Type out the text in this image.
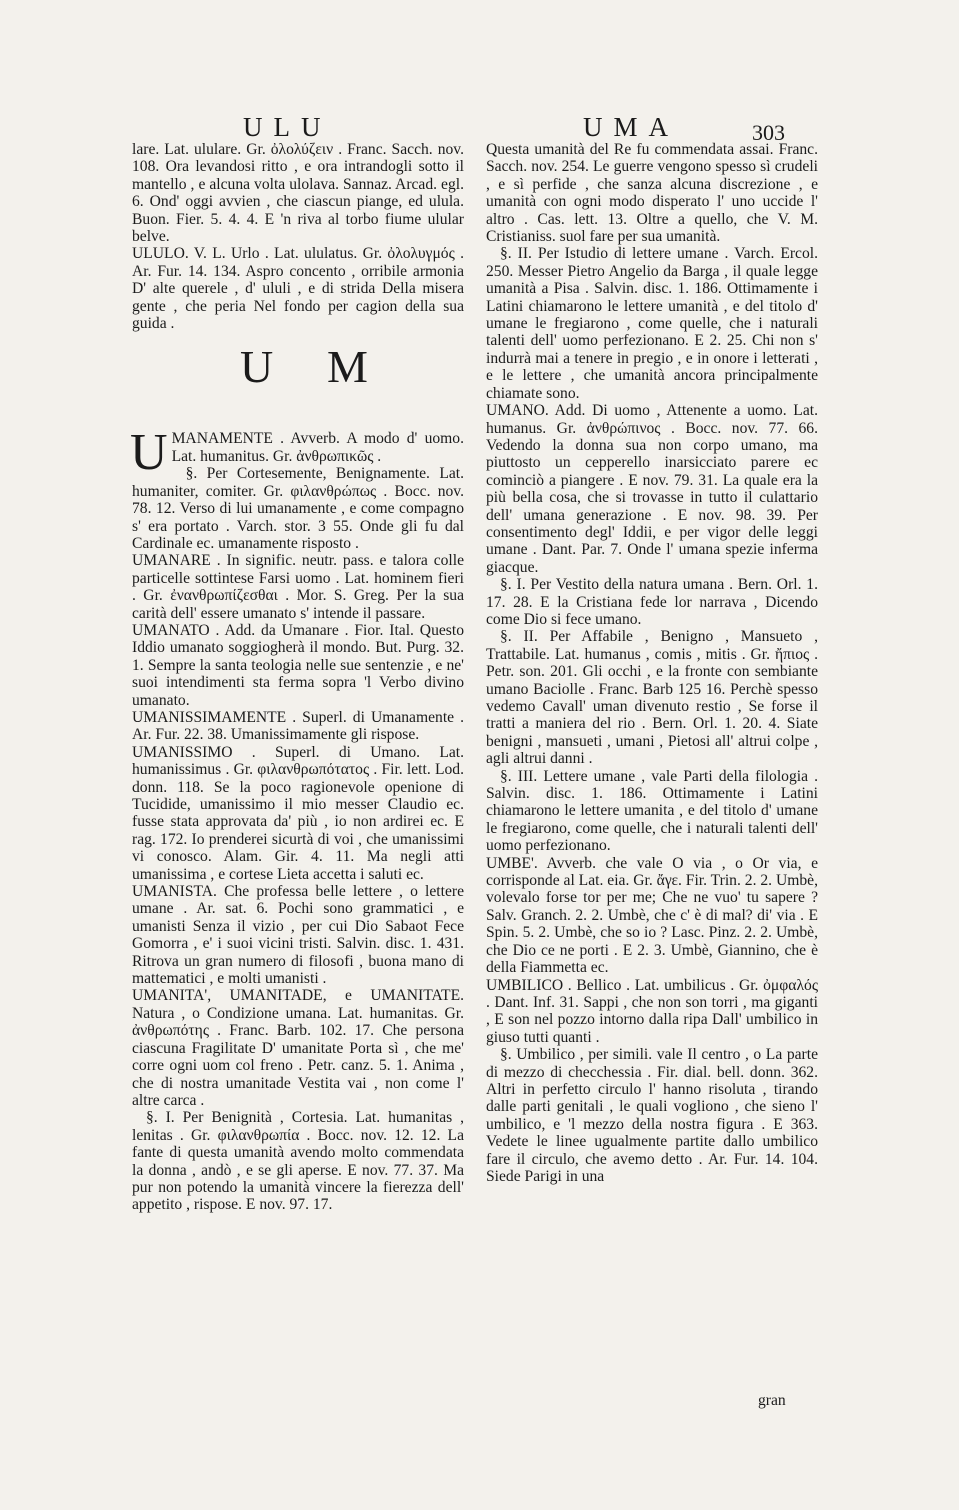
ULU	UMA	303

lare. Lat. ululare. Gr. ὀλολύζειν . Franc. Sacch. nov. 108. Ora levandosi ritto , e ora intrandogli sotto il mantello , e alcuna volta ulolava. Sannaz. Arcad. egl. 6. Ond' oggi avvien , che ciascun piange, ed ulula. Buon. Fier. 5. 4. 4. E 'n riva al torbo fiume ulular belve.

ULULO. V. L. Urlo . Lat. ululatus. Gr. ὀλολυγμός . Ar. Fur. 14. 134. Aspro concento , orribile armonia D' alte querele , d' ululi , e di strida Della misera gente , che peria Nel fondo per cagion della sua guida .

U M

UMANAMENTE . Avverb. A modo d' uomo. Lat. humanitus. Gr. ἀνθρωπικῶς .

§. Per Cortesemente, Benignamente. Lat. humaniter, comiter. Gr. φιλανθρώπως . Bocc. nov. 78. 12. Verso di lui umanamente , e come compagno s' era portato . Varch. stor. 3 55. Onde gli fu dal Cardinale ec. umanamente risposto .

UMANARE . In signific. neutr. pass. e talora colle particelle sottintese Farsi uomo . Lat. hominem fieri . Gr. ἐνανθρωπίζεσθαι . Mor. S. Greg. Per la sua carità dell' essere umanato s' intende il passare.

UMANATO . Add. da Umanare . Fior. Ital. Questo Iddio umanato soggiogherà il mondo. But. Purg. 32. 1. Sempre la santa teologia nelle sue sentenzie , e ne' suoi intendimenti sta ferma sopra 'l Verbo divino umanato.

UMANISSIMAMENTE . Superl. di Umanamente . Ar. Fur. 22. 38. Umanissimamente gli rispose.

UMANISSIMO . Superl. di Umano. Lat. humanissimus . Gr. φιλανθρωπότατος . Fir. lett. Lod. donn. 118. Se la poco ragionevole openione di Tucidide, umanissimo il mio messer Claudio ec. fusse stata approvata da' più , io non ardirei ec. E rag. 172. Io prenderei sicurtà di voi , che umanissimi vi conosco. Alam. Gir. 4. 11. Ma negli atti umanissima , e cortese Lieta accetta i saluti ec.

UMANISTA. Che professa belle lettere , o lettere umane . Ar. sat. 6. Pochi sono grammatici , e umanisti Senza il vizio , per cui Dio Sabaot Fece Gomorra , e' i suoi vicini tristi. Salvin. disc. 1. 431. Ritrova un gran numero di filosofi , buona mano di mattematici , e molti umanisti .

UMANITA', UMANITADE, e UMANITATE. Natura , o Condizione umana. Lat. humanitas. Gr. ἀνθρωπότης . Franc. Barb. 102. 17. Che persona ciascuna Fragilitate D' umanitate Porta sì , che me' corre ogni uom col freno . Petr. canz. 5. 1. Anima , che di nostra umanitade Vestita vai , non come l' altre carca .

§. I. Per Benignità , Cortesia. Lat. humanitas , lenitas . Gr. φιλανθρωπία . Bocc. nov. 12. 12. La fante di questa umanità avendo molto commendata la donna , andò , e se gli aperse. E nov. 77. 37. Ma pur non potendo la umanità vincere la fierezza dell' appetito , rispose. E nov. 97. 17.

Questa umanità del Re fu commendata assai. Franc. Sacch. nov. 254. Le guerre vengono spesso sì crudeli , e sì perfide , che sanza alcuna discrezione , e umanità con ogni modo disperato l' uno uccide l' altro . Cas. lett. 13. Oltre a quello, che V. M. Cristianiss. suol fare per sua umanità.

§. II. Per Istudio di lettere umane . Varch. Ercol. 250. Messer Pietro Angelio da Barga , il quale legge umanità a Pisa . Salvin. disc. 1. 186. Ottimamente i Latini chiamarono le lettere umanità , e del titolo d' umane le fregiarono , come quelle, che i naturali talenti dell' uomo perfezionano. E 2. 25. Chi non s' indurrà mai a tenere in pregio , e in onore i letterati , e le lettere , che umanità ancora principalmente chiamate sono.

UMANO. Add. Di uomo , Attenente a uomo. Lat. humanus. Gr. ἀνθρώπινος . Bocc. nov. 77. 66. Vedendo la donna sua non corpo umano, ma piuttosto un cepperello inarsicciato parere ec cominciò a piangere . E nov. 79. 31. La quale era la più bella cosa, che si trovasse in tutto il culattario dell' umana generazione . E nov. 98. 39. Per consentimento degl' Iddii, e per vigor delle leggi umane . Dant. Par. 7. Onde l' umana spezie inferma giacque.

§. I. Per Vestito della natura umana . Bern. Orl. 1. 17. 28. E la Cristiana fede lor narrava , Dicendo come Dio si fece umano.

§. II. Per Affabile , Benigno , Mansueto , Trattabile. Lat. humanus , comis , mitis . Gr. ἤπιος . Petr. son. 201. Gli occhi , e la fronte con sembiante umano Baciolle . Franc. Barb 125 16. Perchè spesso vedemo Cavall' uman divenuto restio , Se forse il tratti a maniera del rio . Bern. Orl. 1. 20. 4. Siate benigni , mansueti , umani , Pietosi all' altrui colpe , agli altrui danni .

§. III. Lettere umane , vale Parti della filologia . Salvin. disc. 1. 186. Ottimamente i Latini chiamarono le lettere umanita , e del titolo d' umane le fregiarono, come quelle, che i naturali talenti dell' uomo perfezionano.

UMBE'. Avverb. che vale O via , o Or via, e corrisponde al Lat. eia. Gr. ἄγε. Fir. Trin. 2. 2. Umbè, volevalo forse tor per me; Che ne vuo' tu sapere ? Salv. Granch. 2. 2. Umbè, che c' è di mal? di' via . E Spin. 5. 2. Umbè, che so io ? Lasc. Pinz. 2. 2. Umbè, che Dio ce ne porti . E 2. 3. Umbè, Giannino, che è della Fiammetta ec.

UMBILICO . Bellico . Lat. umbilicus . Gr. ὀμφαλός . Dant. Inf. 31. Sappi , che non son torri , ma giganti , E son nel pozzo intorno dalla ripa Dall' umbilico in giuso tutti quanti .

§. Umbilico , per simili. vale Il centro , o La parte di mezzo di checchessia . Fir. dial. bell. donn. 362. Altri in perfetto circulo l' hanno risoluta , tirando dalle parti genitali , le quali vogliono , che sieno l' umbilico, e 'l mezzo della nostra figura . E 363. Vedete le linee ugualmente partite dallo umbilico fare il circulo, che avemo detto . Ar. Fur. 14. 104. Siede Parigi in una

gran
